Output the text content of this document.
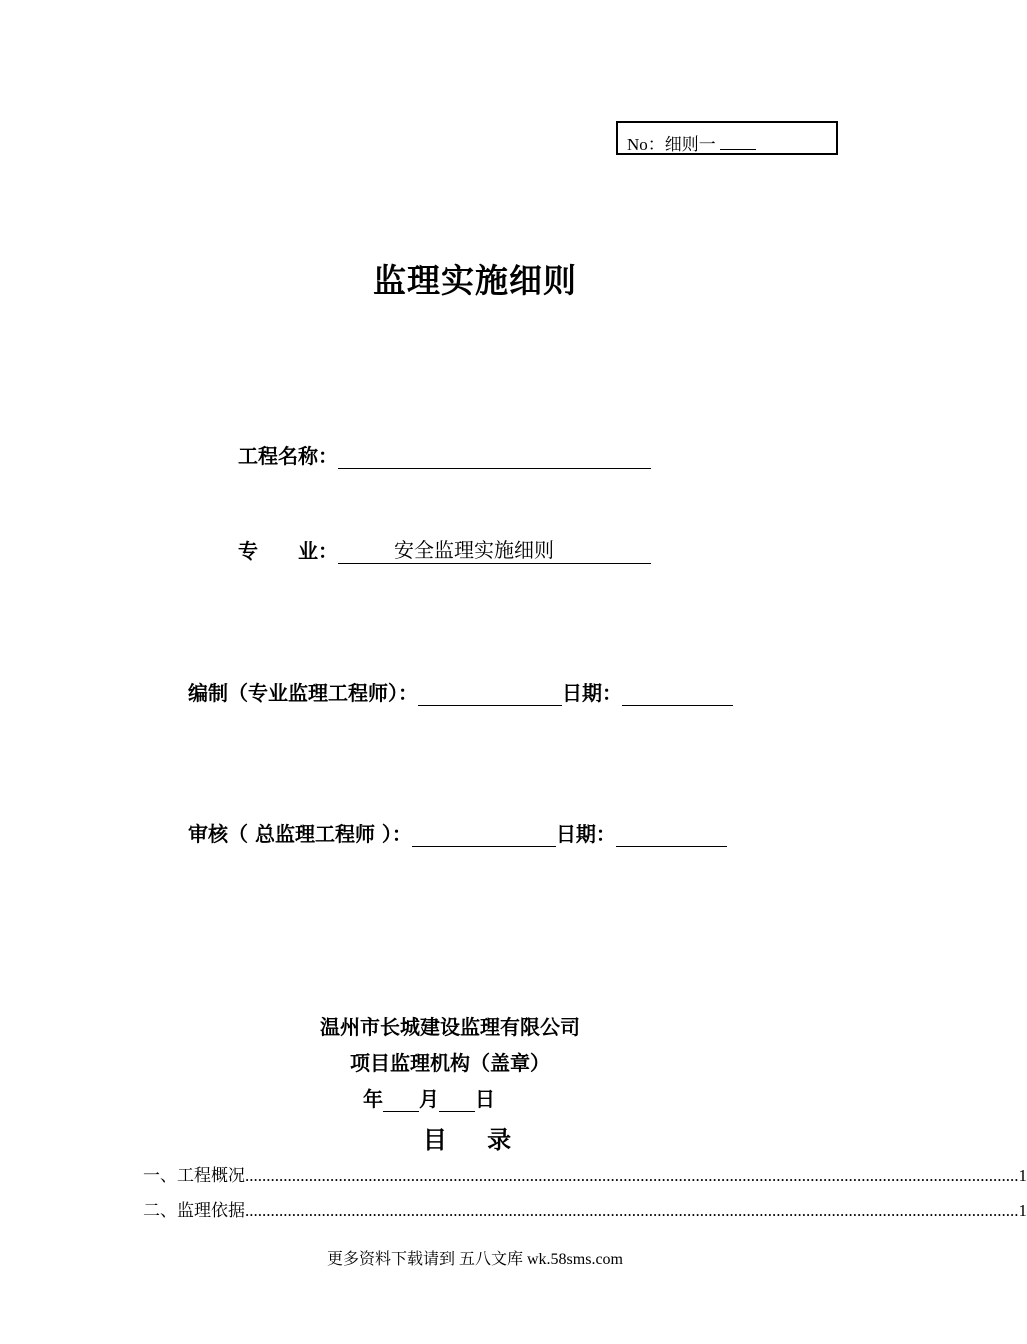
No：细则一
监理实施细则
工程名称：
专　　业：	安全监理实施细则
编制（专业监理工程师）：	日期：
审核（ 总监理工程师 ）：	日期：
温州市长城建设监理有限公司
项目监理机构（盖章）
年 月 日
目 录
一、工程概况 ...................................................................................................................................................................................... 1
二、监理依据 ...................................................................................................................................................................................... 1
更多资料下载请到 五八文库 wk.58sms.com
